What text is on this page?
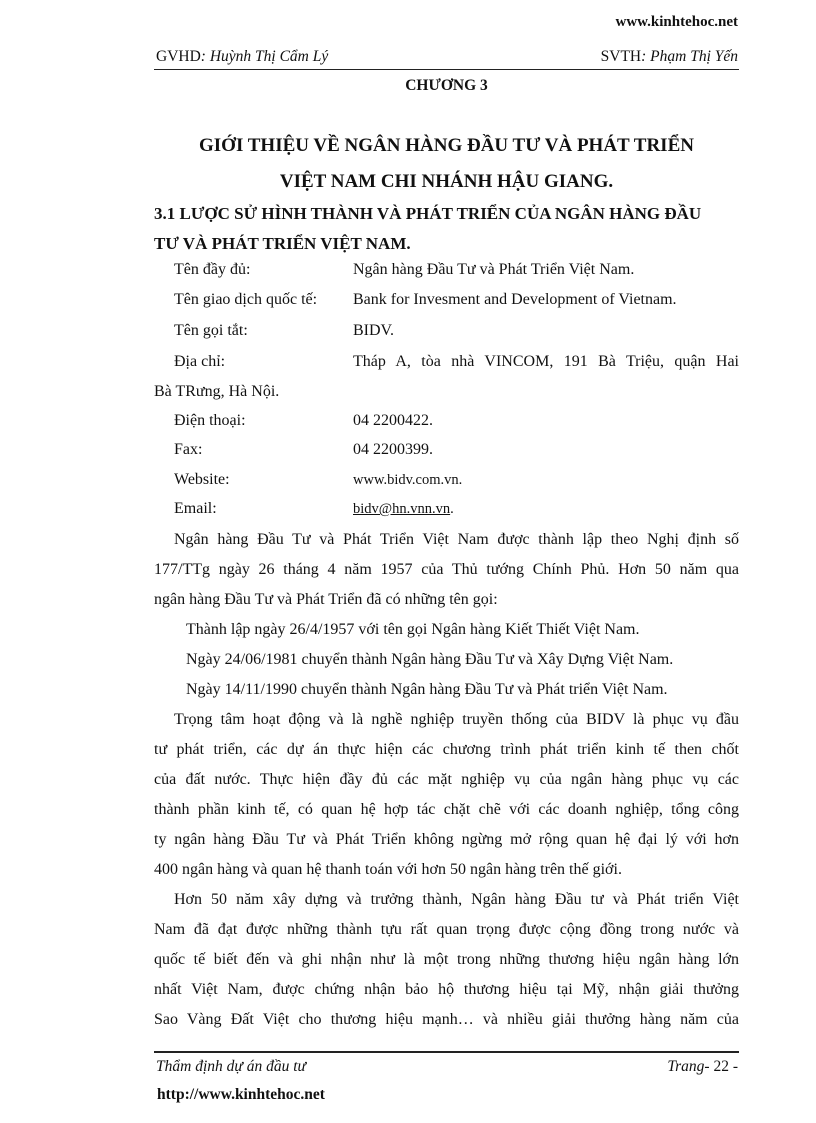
www.kinhtehoc.net
GVHD: Huỳnh Thị Cẩm Lý	SVTH: Phạm Thị Yến
CHƯƠNG 3
GIỚI THIỆU VỀ NGÂN HÀNG ĐẦU TƯ VÀ PHÁT TRIỂN
VIỆT NAM CHI NHÁNH HẬU GIANG.
3.1 LƯỢC SỬ HÌNH THÀNH VÀ PHÁT TRIỂN CỦA NGÂN HÀNG ĐẦU
TƯ VÀ PHÁT TRIỂN VIỆT NAM.
Tên đầy đủ:	Ngân hàng Đầu Tư và Phát Triển Việt Nam.
Tên giao dịch quốc tế: Bank for Invesment and Development of Vietnam.
Tên gọi tắt:	BIDV.
Địa chỉ:	Tháp A, tòa nhà VINCOM, 191 Bà Triệu, quận Hai
Bà TRưng, Hà Nội.
Điện thoại:	04 2200422.
Fax:	04 2200399.
Website:	www.bidv.com.vn.
Email:	bidv@hn.vnn.vn.
Ngân hàng Đầu Tư và Phát Triển Việt Nam được thành lập theo Nghị định số
177/TTg ngày 26 tháng 4 năm 1957 của Thủ tướng Chính Phủ. Hơn 50 năm qua
ngân hàng Đầu Tư và Phát Triển đã có những tên gọi:
Thành lập ngày 26/4/1957 với tên gọi Ngân hàng Kiết Thiết Việt Nam.
Ngày 24/06/1981 chuyển thành Ngân hàng Đầu Tư và Xây Dựng Việt Nam.
Ngày 14/11/1990 chuyển thành Ngân hàng Đầu Tư và Phát triển Việt Nam.
Trọng tâm hoạt động và là nghề nghiệp truyền thống của BIDV là phục vụ đầu
tư phát triển, các dự án thực hiện các chương trình phát triển kinh tế then chốt
của đất nước. Thực hiện đầy đủ các mặt nghiệp vụ của ngân hàng phục vụ các
thành phần kinh tế, có quan hệ hợp tác chặt chẽ với các doanh nghiệp, tổng công
ty ngân hàng Đầu Tư và Phát Triển không ngừng mở rộng quan hệ đại lý với hơn
400 ngân hàng và quan hệ thanh toán với hơn 50 ngân hàng trên thế giới.
Hơn 50 năm xây dựng và trưởng thành, Ngân hàng Đầu tư và Phát triển Việt
Nam đã đạt được những thành tựu rất quan trọng được cộng đồng trong nước và
quốc tế biết đến và ghi nhận như là một trong những thương hiệu ngân hàng lớn
nhất Việt Nam, được chứng nhận bảo hộ thương hiệu tại Mỹ, nhận giải thưởng
Sao Vàng Đất Việt cho thương hiệu mạnh… và nhiều giải thưởng hàng năm của
Thẩm định dự án đầu tư	Trang- 22 -
http://www.kinhtehoc.net
